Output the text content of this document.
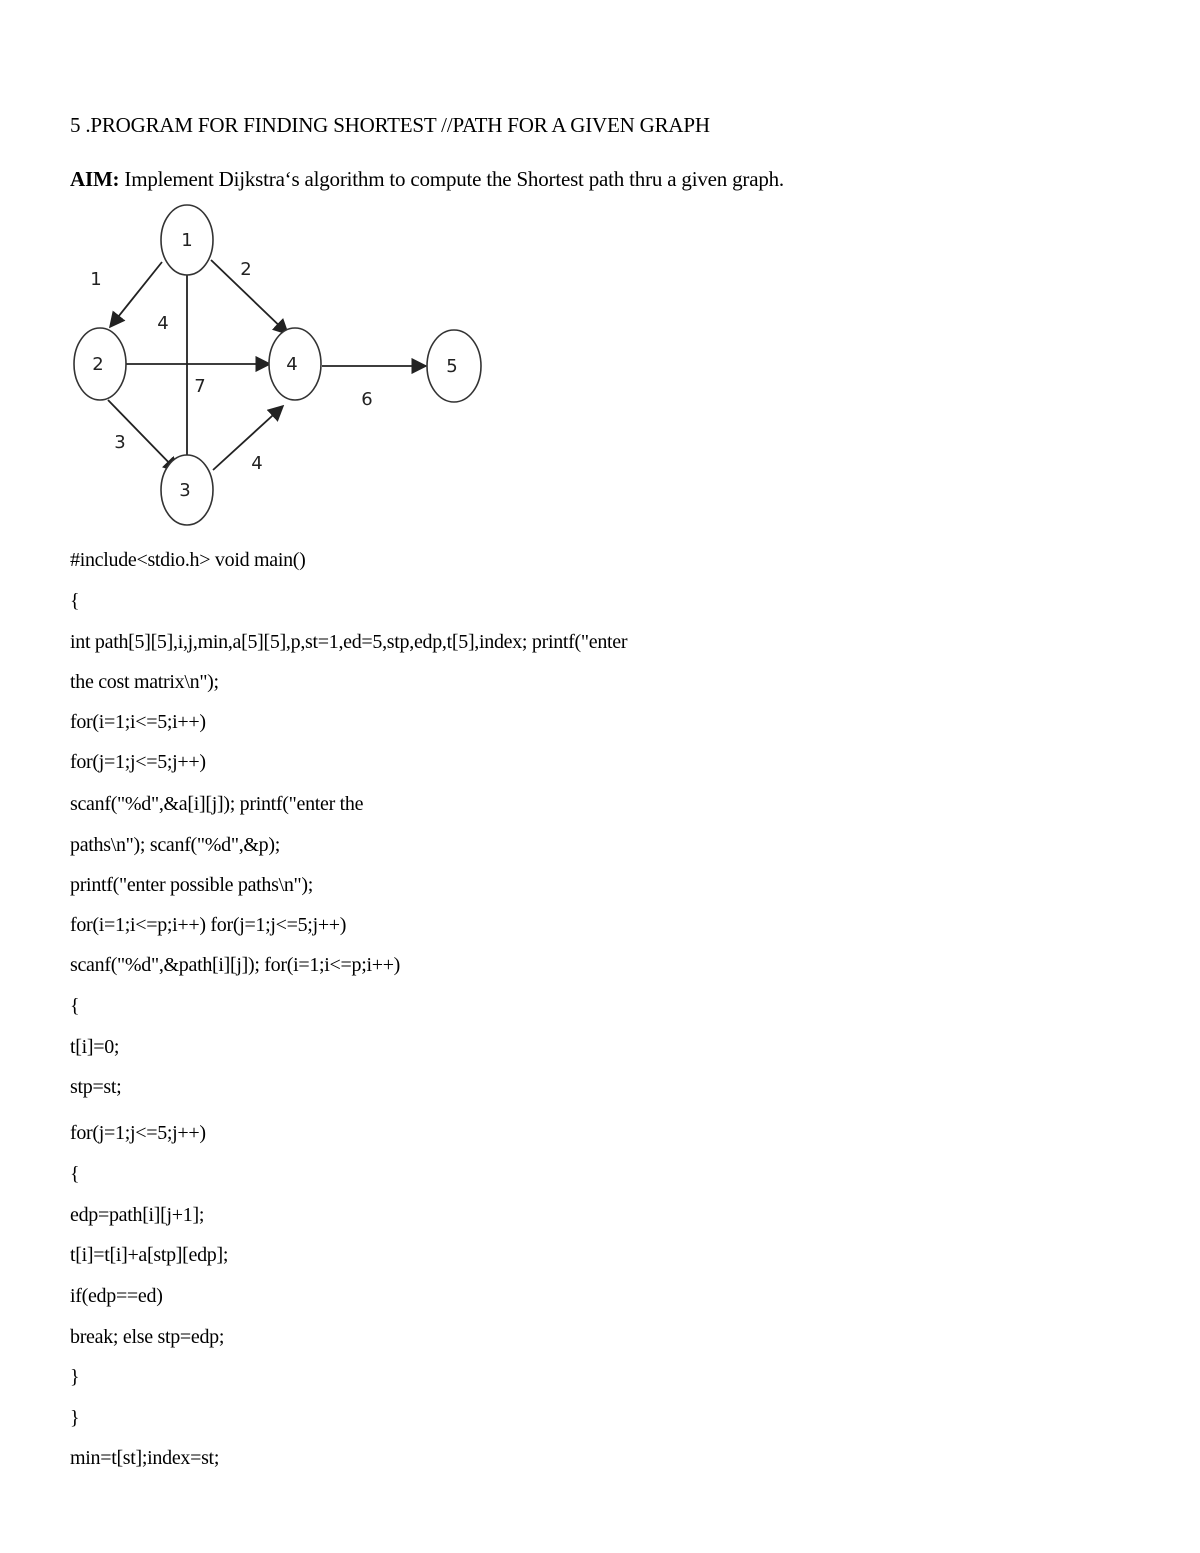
5 .PROGRAM FOR FINDING SHORTEST //PATH FOR A GIVEN GRAPH
AIM: Implement Dijkstra‘s algorithm to compute the Shortest path thru a given graph.
1
2
3
4	5
1	2
4
7
3
4
6
#include<stdio.h> void main()
{
int path[5][5],i,j,min,a[5][5],p,st=1,ed=5,stp,edp,t[5],index; printf("enter
the cost matrix\n");
for(i=1;i<=5;i++)
for(j=1;j<=5;j++)
scanf("%d",&a[i][j]); printf("enter the
paths\n"); scanf("%d",&p);
printf("enter possible paths\n");
for(i=1;i<=p;i++) for(j=1;j<=5;j++)
scanf("%d",&path[i][j]); for(i=1;i<=p;i++)
{
t[i]=0;
stp=st;
for(j=1;j<=5;j++)
{
edp=path[i][j+1];
t[i]=t[i]+a[stp][edp];
if(edp==ed)
break; else stp=edp;
}
}
min=t[st];index=st;
